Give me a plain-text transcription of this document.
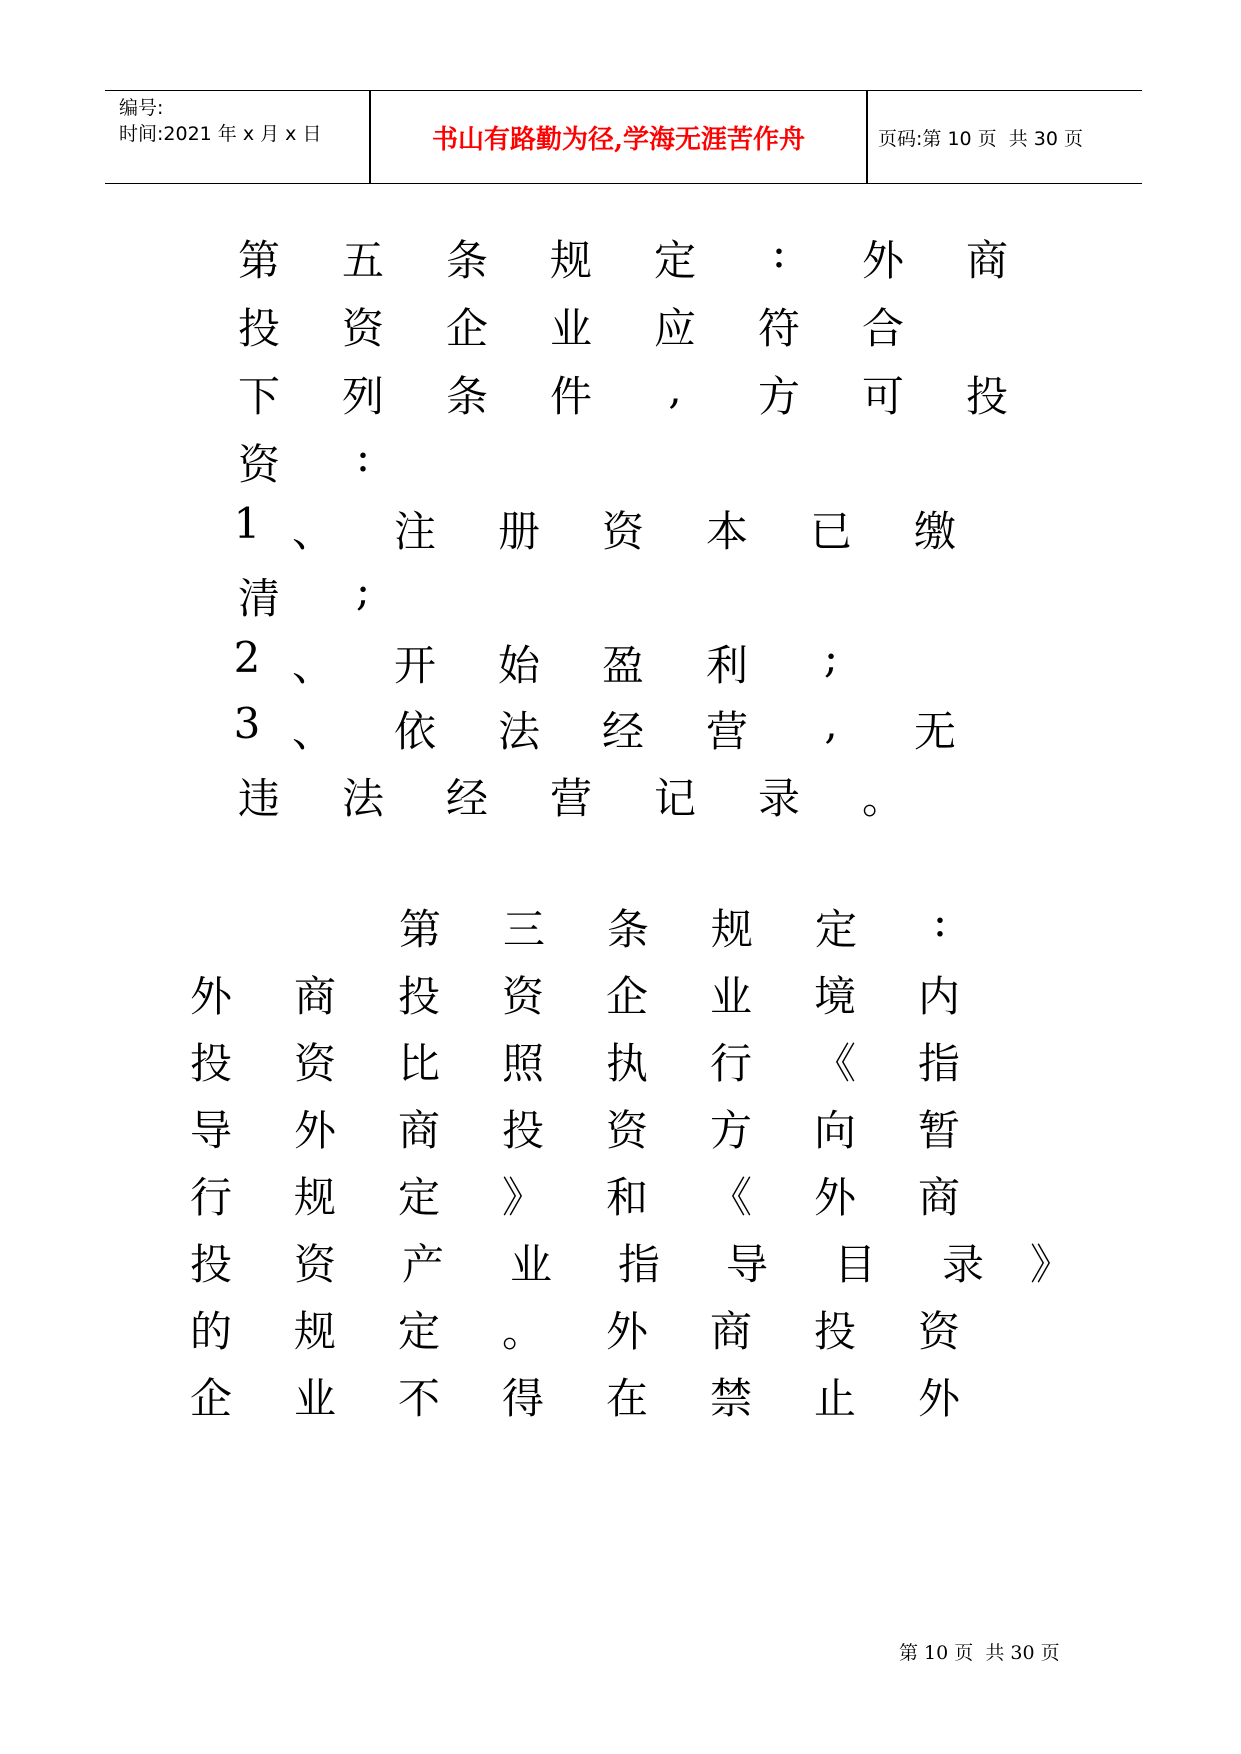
编号:
时间:2021 年 x 月 x 日	书山有路勤为径,学海无涯苦作舟	页码:第 10 页  共 30 页
第 五 条 规 定	:	外 商
投 资 企 业 应 符 合
下 列 条 件	,	方 可 投
资	:
1 、 注 册 资 本 已 缴
清	;
2 、 开 始 盈 利	;
3 、 依 法 经 营	,	无
违 法 经 营 记 录 。
第 三 条 规 定	:
外 商 投 资 企 业 境 内
投 资 比 照 执 行 《 指
导 外 商 投 资 方 向 暂
行 规 定 》 和 《 外 商
投 资 产 业 指 导 目 录 》
的 规 定 。 外 商 投 资
企 业 不 得 在 禁 止 外
第 10 页  共 30 页
